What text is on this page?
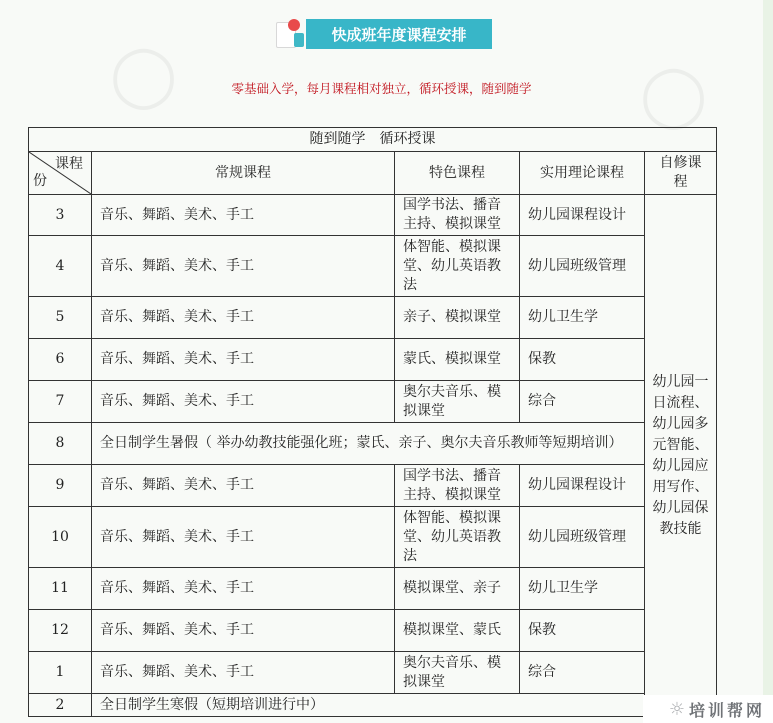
◯	◯
快成班年度课程安排
零基础入学，每月课程相对独立，循环授课，随到随学
随到随学　循环授课				

课程
份	常规课程	特色课程	实用理论课程	自修课程
3	音乐、舞蹈、美术、手工	国学书法、播音主持、模拟课堂	幼儿园课程设计	幼儿园一日流程、幼儿园多元智能、幼儿园应用写作、幼儿园保教技能
4	音乐、舞蹈、美术、手工	体智能、模拟课堂、幼儿英语教法	幼儿园班级管理	
5	音乐、舞蹈、美术、手工	亲子、模拟课堂	幼儿卫生学	
6	音乐、舞蹈、美术、手工	蒙氏、模拟课堂	保教	
7	音乐、舞蹈、美术、手工	奥尔夫音乐、模拟课堂	综合	
8	全日制学生暑假（ 举办幼教技能强化班；蒙氏、亲子、奥尔夫音乐教师等短期培训）			
9	音乐、舞蹈、美术、手工	国学书法、播音主持、模拟课堂	幼儿园课程设计	
10	音乐、舞蹈、美术、手工	体智能、模拟课堂、幼儿英语教法	幼儿园班级管理	
11	音乐、舞蹈、美术、手工	模拟课堂、亲子	幼儿卫生学	
12	音乐、舞蹈、美术、手工	模拟课堂、蒙氏	保教	
1	音乐、舞蹈、美术、手工	奥尔夫音乐、模拟课堂	综合	
2	全日制学生寒假（短期培训进行中）				☼ 培训帮网
